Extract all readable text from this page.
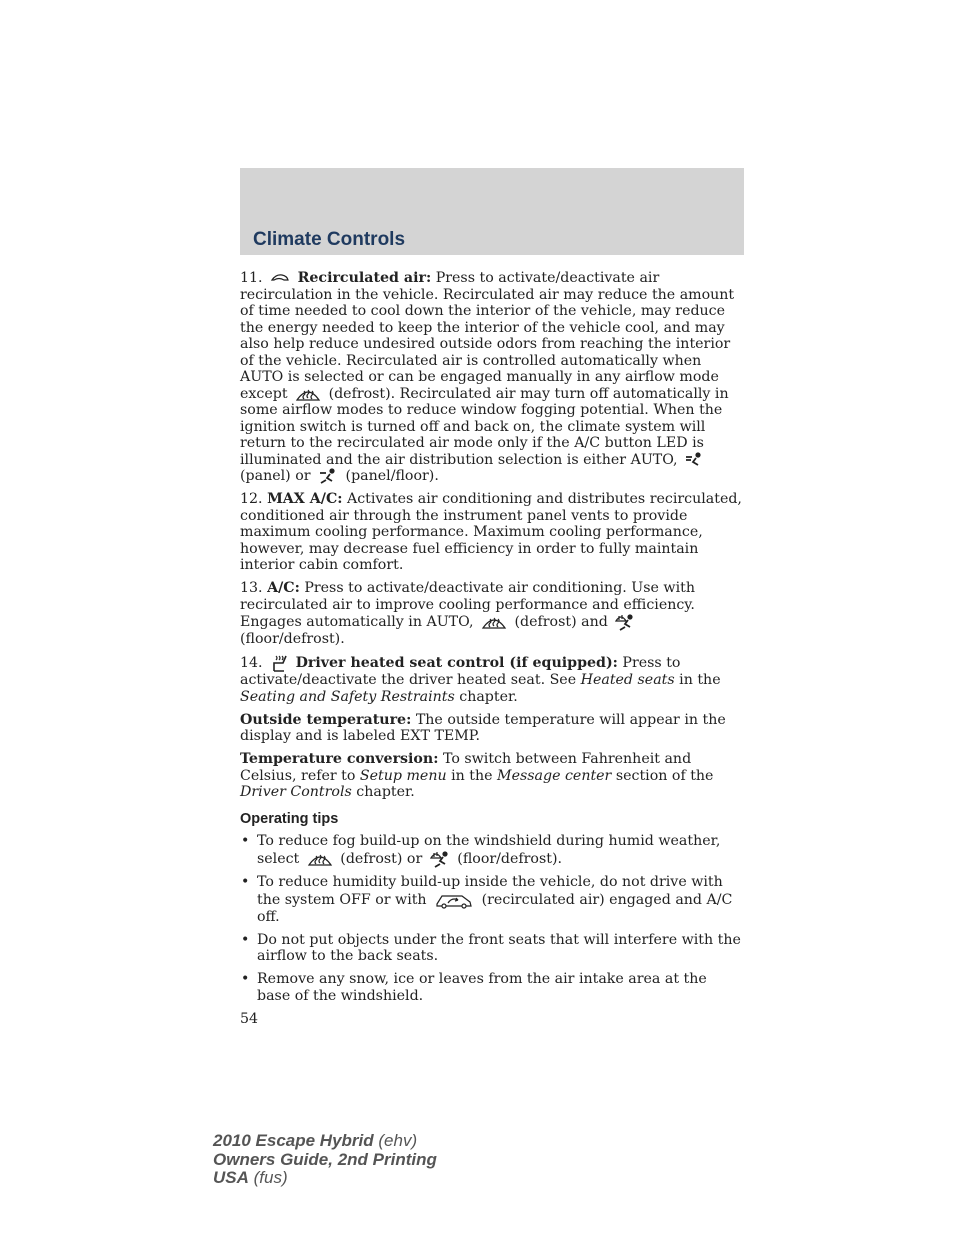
Climate Controls

11. Recirculated air: Press to activate/deactivate air recirculation in the vehicle. Recirculated air may reduce the amount of time needed to cool down the interior of the vehicle, may reduce the energy needed to keep the interior of the vehicle cool, and may also help reduce undesired outside odors from reaching the interior of the vehicle. Recirculated air is controlled automatically when AUTO is selected or can be engaged manually in any airflow mode except	(defrost). Recirculated air may turn off automatically in some airflow modes to reduce window fogging potential. When the ignition switch is turned off and back on, the climate system will return to the recirculated air mode only if the A/C button LED is illuminated and the air distribution selection is either AUTO,
(panel) or (panel/floor).

12. MAX A/C: Activates air conditioning and distributes recirculated, conditioned air through the instrument panel vents to provide maximum cooling performance. Maximum cooling performance, however, may decrease fuel efficiency in order to fully maintain interior cabin comfort.

13. A/C: Press to activate/deactivate air conditioning. Use with recirculated air to improve cooling performance and efficiency. Engages automatically in AUTO,	(defrost) and
(floor/defrost).

14. Driver heated seat control (if equipped): Press to activate/deactivate the driver heated seat. See Heated seats in the Seating and Safety Restraints chapter.

Outside temperature: The outside temperature will appear in the display and is labeled EXT TEMP.

Temperature conversion: To switch between Fahrenheit and Celsius, refer to Setup menu in the Message center section of the Driver Controls chapter.

Operating tips
• To reduce fog build-up on the windshield during humid weather, select	(defrost) or (floor/defrost).
• To reduce humidity build-up inside the vehicle, do not drive with the system OFF or with	(recirculated air) engaged and A/C off.
• Do not put objects under the front seats that will interfere with the airflow to the back seats.
• Remove any snow, ice or leaves from the air intake area at the base of the windshield.
54
2010 Escape Hybrid (ehv)
Owners Guide, 2nd Printing
USA (fus)
